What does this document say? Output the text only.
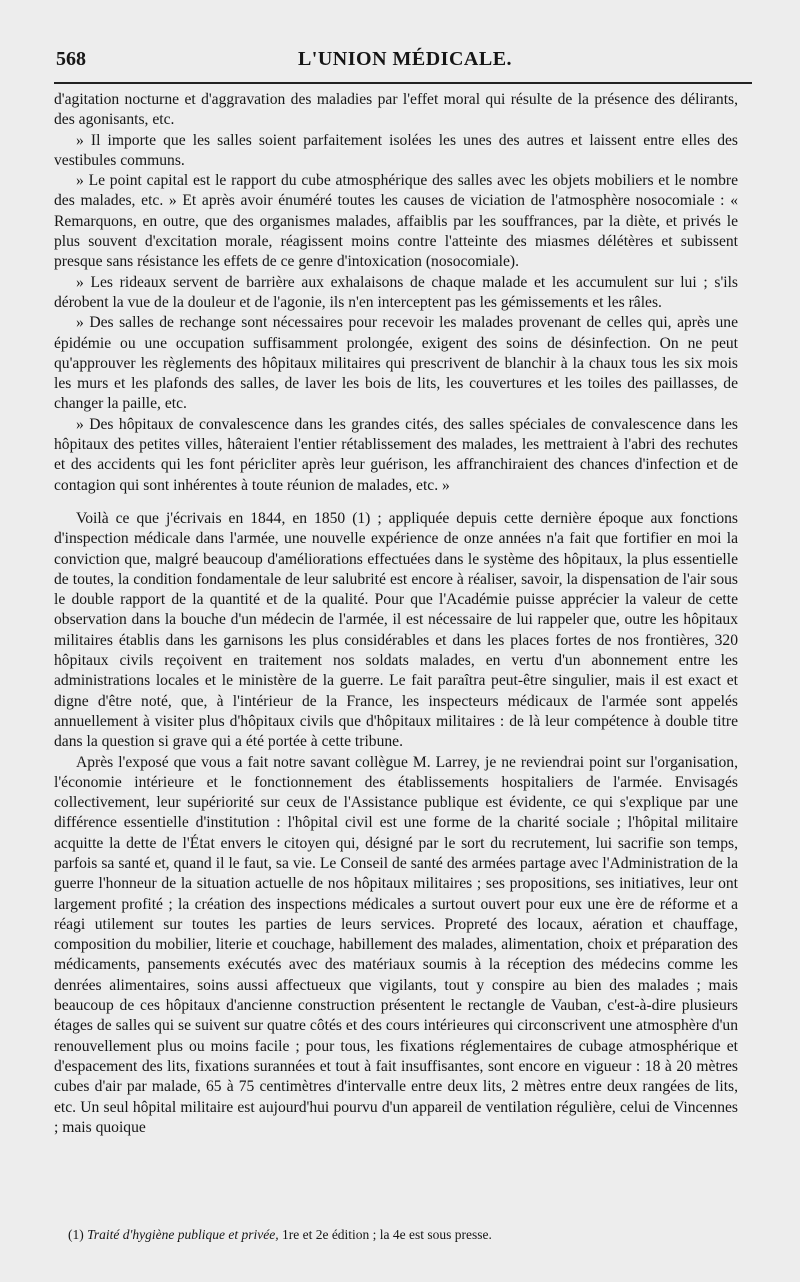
568	L'UNION MÉDICALE.

d'agitation nocturne et d'aggravation des maladies par l'effet moral qui résulte de la présence des délirants, des agonisants, etc.

» Il importe que les salles soient parfaitement isolées les unes des autres et laissent entre elles des vestibules communs.

» Le point capital est le rapport du cube atmosphérique des salles avec les objets mobiliers et le nombre des malades, etc. » Et après avoir énuméré toutes les causes de viciation de l'atmosphère nosocomiale : « Remarquons, en outre, que des organismes malades, affaiblis par les souffrances, par la diète, et privés le plus souvent d'excitation morale, réagissent moins contre l'atteinte des miasmes délétères et subissent presque sans résistance les effets de ce genre d'intoxication (nosocomiale).

» Les rideaux servent de barrière aux exhalaisons de chaque malade et les accumulent sur lui ; s'ils dérobent la vue de la douleur et de l'agonie, ils n'en interceptent pas les gémissements et les râles.

» Des salles de rechange sont nécessaires pour recevoir les malades provenant de celles qui, après une épidémie ou une occupation suffisamment prolongée, exigent des soins de désinfection. On ne peut qu'approuver les règlements des hôpitaux militaires qui prescrivent de blanchir à la chaux tous les six mois les murs et les plafonds des salles, de laver les bois de lits, les couvertures et les toiles des paillasses, de changer la paille, etc.

» Des hôpitaux de convalescence dans les grandes cités, des salles spéciales de convalescence dans les hôpitaux des petites villes, hâteraient l'entier rétablissement des malades, les mettraient à l'abri des rechutes et des accidents qui les font péricliter après leur guérison, les affranchiraient des chances d'infection et de contagion qui sont inhérentes à toute réunion de malades, etc. »

Voilà ce que j'écrivais en 1844, en 1850 (1) ; appliquée depuis cette dernière époque aux fonctions d'inspection médicale dans l'armée, une nouvelle expérience de onze années n'a fait que fortifier en moi la conviction que, malgré beaucoup d'améliorations effectuées dans le système des hôpitaux, la plus essentielle de toutes, la condition fondamentale de leur salubrité est encore à réaliser, savoir, la dispensation de l'air sous le double rapport de la quantité et de la qualité. Pour que l'Académie puisse apprécier la valeur de cette observation dans la bouche d'un médecin de l'armée, il est nécessaire de lui rappeler que, outre les hôpitaux militaires établis dans les garnisons les plus considérables et dans les places fortes de nos frontières, 320 hôpitaux civils reçoivent en traitement nos soldats malades, en vertu d'un abonnement entre les administrations locales et le ministère de la guerre. Le fait paraîtra peut-être singulier, mais il est exact et digne d'être noté, que, à l'intérieur de la France, les inspecteurs médicaux de l'armée sont appelés annuellement à visiter plus d'hôpitaux civils que d'hôpitaux militaires : de là leur compétence à double titre dans la question si grave qui a été portée à cette tribune.

Après l'exposé que vous a fait notre savant collègue M. Larrey, je ne reviendrai point sur l'organisation, l'économie intérieure et le fonctionnement des établissements hospitaliers de l'armée. Envisagés collectivement, leur supériorité sur ceux de l'Assistance publique est évidente, ce qui s'explique par une différence essentielle d'institution : l'hôpital civil est une forme de la charité sociale ; l'hôpital militaire acquitte la dette de l'État envers le citoyen qui, désigné par le sort du recrutement, lui sacrifie son temps, parfois sa santé et, quand il le faut, sa vie. Le Conseil de santé des armées partage avec l'Administration de la guerre l'honneur de la situation actuelle de nos hôpitaux militaires ; ses propositions, ses initiatives, leur ont largement profité ; la création des inspections médicales a surtout ouvert pour eux une ère de réforme et a réagi utilement sur toutes les parties de leurs services. Propreté des locaux, aération et chauffage, composition du mobilier, literie et couchage, habillement des malades, alimentation, choix et préparation des médicaments, pansements exécutés avec des matériaux soumis à la réception des médecins comme les denrées alimentaires, soins aussi affectueux que vigilants, tout y conspire au bien des malades ; mais beaucoup de ces hôpitaux d'ancienne construction présentent le rectangle de Vauban, c'est-à-dire plusieurs étages de salles qui se suivent sur quatre côtés et des cours intérieures qui circonscrivent une atmosphère d'un renouvellement plus ou moins facile ; pour tous, les fixations réglementaires de cubage atmosphérique et d'espacement des lits, fixations surannées et tout à fait insuffisantes, sont encore en vigueur : 18 à 20 mètres cubes d'air par malade, 65 à 75 centimètres d'intervalle entre deux lits, 2 mètres entre deux rangées de lits, etc. Un seul hôpital militaire est aujourd'hui pourvu d'un appareil de ventilation régulière, celui de Vincennes ; mais quoique

(1) Traité d'hygiène publique et privée, 1re et 2e édition ; la 4e est sous presse.
